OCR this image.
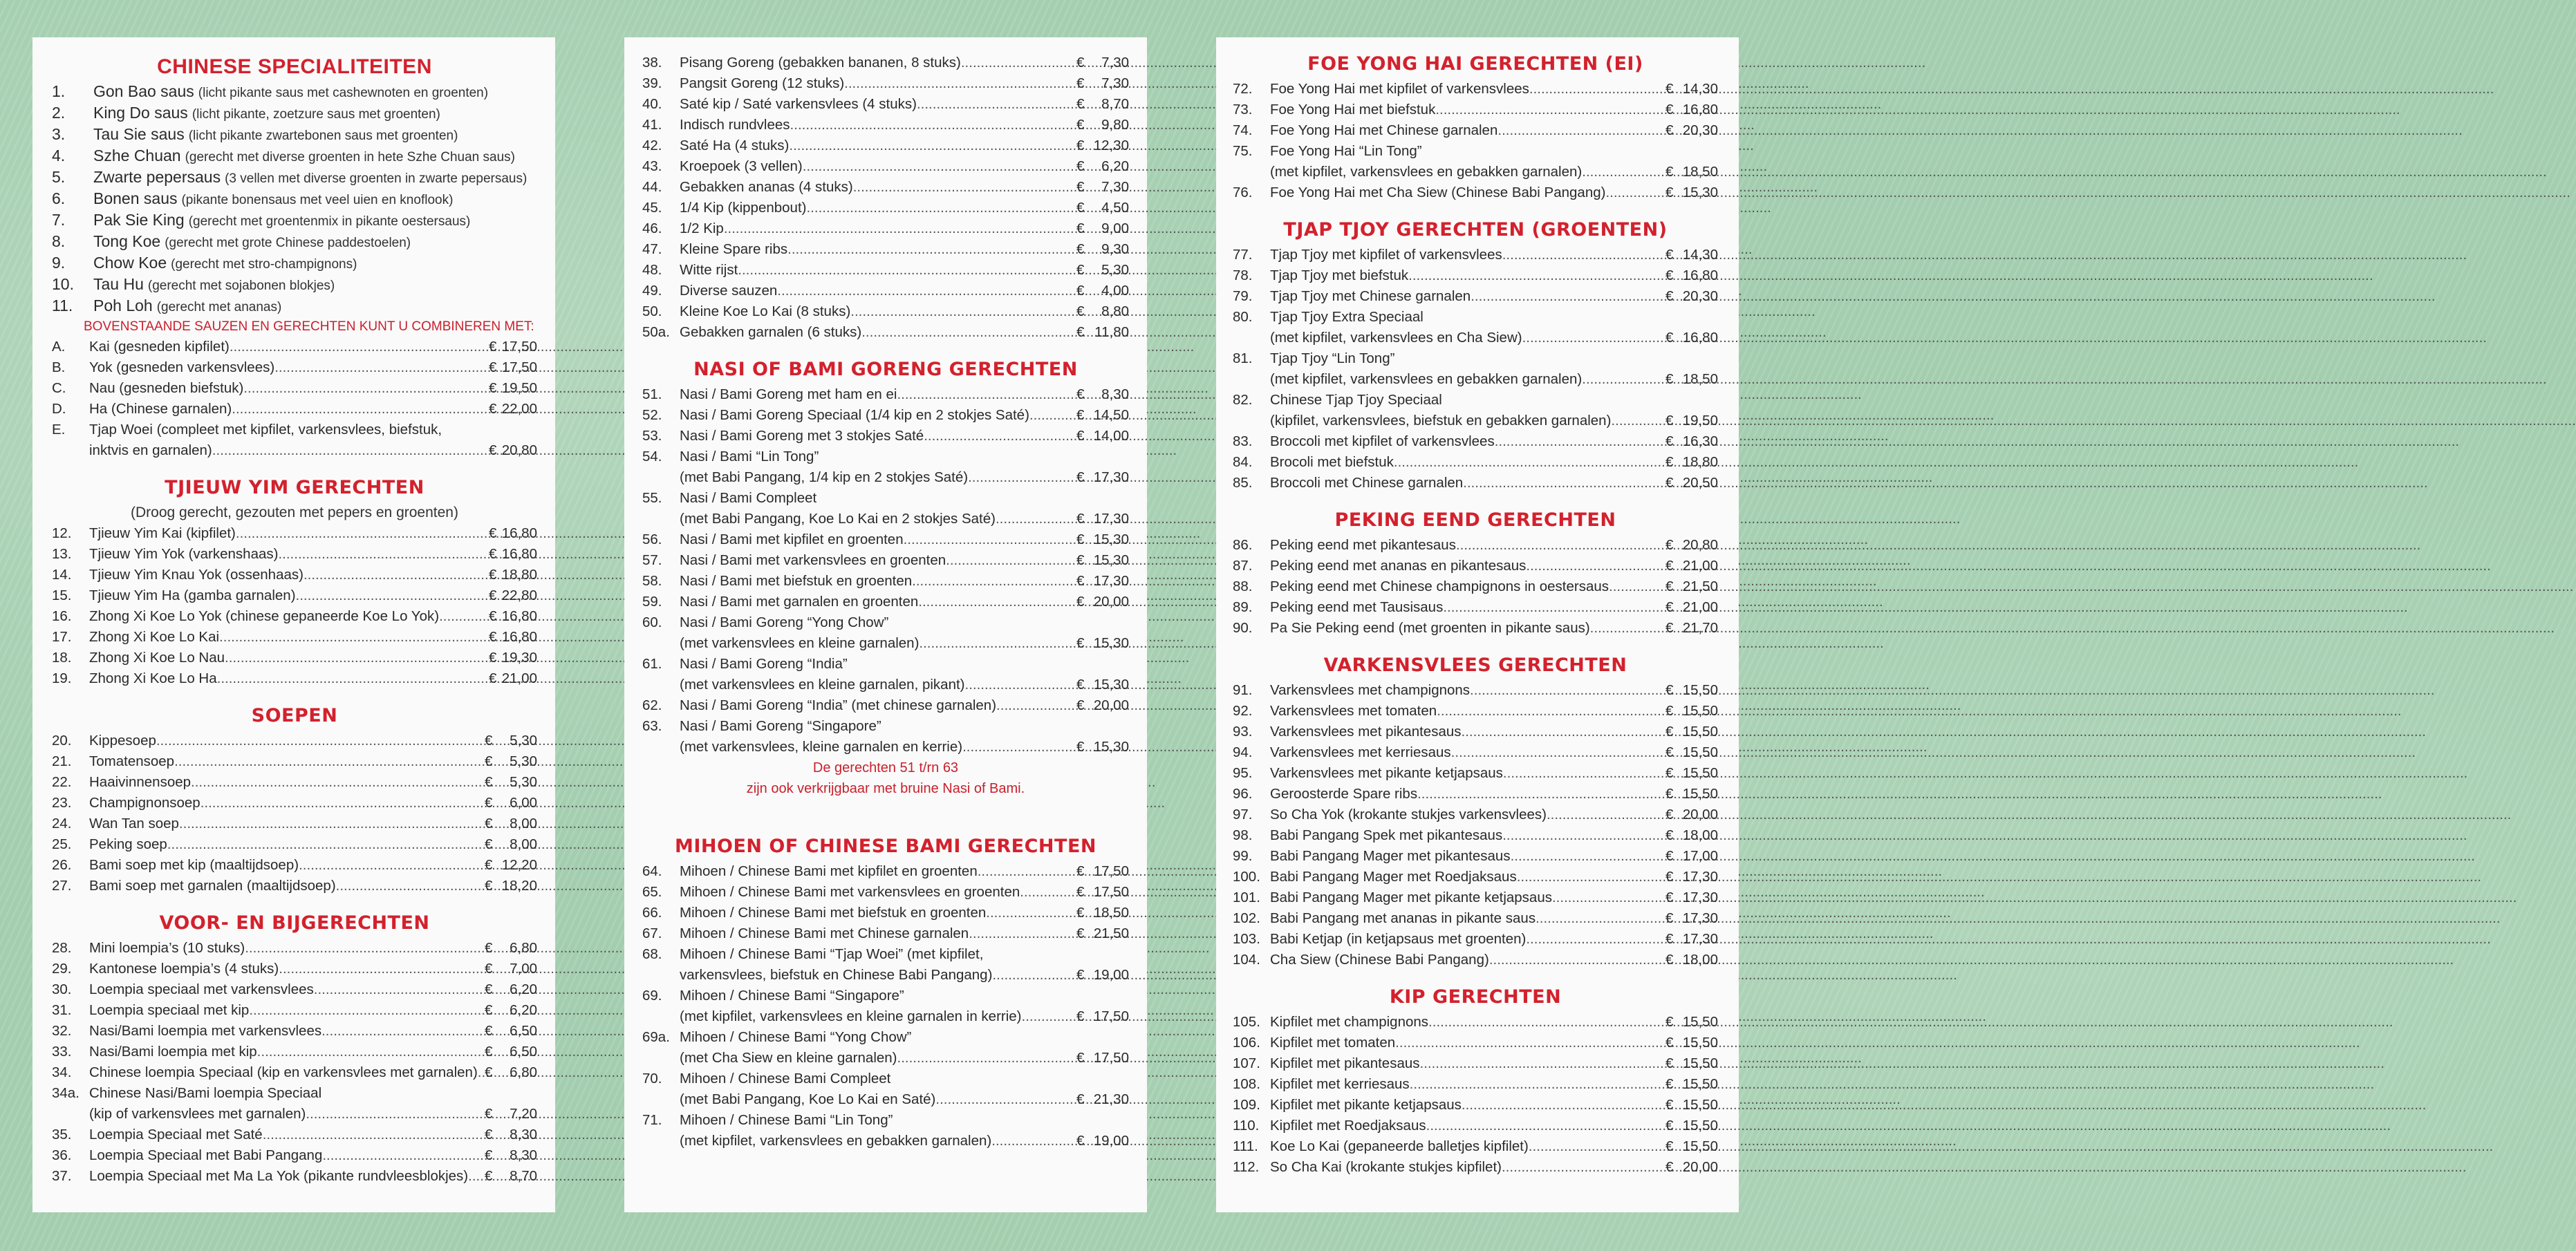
CHINESE SPECIALITEITEN
1.	Gon Bao saus (licht pikante saus met cashewnoten en groenten)
2.	King Do saus (licht pikante, zoetzure saus met groenten)
3.	Tau Sie saus (licht pikante zwartebonen saus met groenten)
4.	Szhe Chuan (gerecht met diverse groenten in hete Szhe Chuan saus)
5.	Zwarte pepersaus (3 vellen met diverse groenten in zwarte pepersaus)
6.	Bonen saus (pikante bonensaus met veel uien en knoflook)
7.	Pak Sie King (gerecht met groentenmix in pikante oestersaus)
8.	Tong Koe (gerecht met grote Chinese paddestoelen)
9.	Chow Koe (gerecht met stro-champignons)
10.	Tau Hu (gerecht met sojabonen blokjes)
11.	Poh Loh (gerecht met ananas)
BOVENSTAANDE SAUZEN EN GERECHTEN KUNT U COMBINEREN MET:
A.	Kai (gesneden kipfilet) .....	€ 17,50
B.	Yok (gesneden varkensvlees) .....	€ 17,50
C.	Nau (gesneden biefstuk) .....	€ 19,50
D.	Ha (Chinese garnalen) .....	€ 22,00
E.	Tjap Woei (compleet met kipfilet, varkensvlees, biefstuk,
inktvis en garnalen) .....	€ 20,80
TJIEUW YIM GERECHTEN
(Droog gerecht, gezouten met pepers en groenten)
12.	Tjieuw Yim Kai (kipfilet) .....	€ 16,80
13.	Tjieuw Yim Yok (varkenshaas) .....	€ 16,80
14.	Tjieuw Yim Knau Yok (ossenhaas) .....	€ 18,80
15.	Tjieuw Yim Ha (gamba garnalen) .....	€ 22,80
16.	Zhong Xi Koe Lo Yok (chinese gepaneerde Koe Lo Yok) .....	€ 16,80
17.	Zhong Xi Koe Lo Kai .....	€ 16,80
18.	Zhong Xi Koe Lo Nau .....	€ 19,30
19.	Zhong Xi Koe Lo Ha .....	€ 21,00
SOEPEN
20.	Kippesoep .....	€ 5,30
21.	Tomatensoep .....	€ 5,30
22.	Haaivinnensoep .....	€ 5,30
23.	Champignonsoep .....	€ 6,00
24.	Wan Tan soep .....	€ 8,00
25.	Peking soep .....	€ 8,00
26.	Bami soep met kip (maaltijdsoep) .....	€ 12,20
27.	Bami soep met garnalen (maaltijdsoep) .....	€ 18,20
VOOR- EN BIJGERECHTEN
28.	Mini loempia’s (10 stuks) .....	€ 6,80
29.	Kantonese loempia’s (4 stuks) .....	€ 7,00
30.	Loempia speciaal met varkensvlees .....	€ 6,20
31.	Loempia speciaal met kip .....	€ 6,20
32.	Nasi/Bami loempia met varkensvlees .....	€ 6,50
33.	Nasi/Bami loempia met kip .....	€ 6,50
34.	Chinese loempia Speciaal (kip en varkensvlees met garnalen) ..... € 6,80
34a. Chinese Nasi/Bami loempia Speciaal
(kip of varkensvlees met garnalen) .....	€ 7,20
35.	Loempia Speciaal met Saté .....	€ 8,30
36.	Loempia Speciaal met Babi Pangang .....	€ 8,30
37.	Loempia Speciaal met Ma La Yok (pikante rundvleesblokjes) ..... € 8,70
38.	Pisang Goreng (gebakken bananen, 8 stuks) .....	€ 7,30
39.	Pangsit Goreng (12 stuks) .....	€ 7,30
40.	Saté kip / Saté varkensvlees (4 stuks) .....	€ 8,70
41.	Indisch rundvlees .....	€ 9,80
42.	Saté Ha (4 stuks) .....	€ 12,30
43.	Kroepoek (3 vellen) .....	€ 6,20
44.	Gebakken ananas (4 stuks) .....	€ 7,30
45.	1/4 Kip (kippenbout) .....	€ 4,50
46.	1/2 Kip .....	€ 9,00
47.	Kleine Spare ribs .....	€ 9,30
48.	Witte rijst .....	€ 5,30
49.	Diverse sauzen .....	€ 4,00
50.	Kleine Koe Lo Kai (8 stuks) .....	€ 8,80
50a. Gebakken garnalen (6 stuks) .....	€ 11,80
NASI OF BAMI GORENG GERECHTEN
51.	Nasi / Bami Goreng met ham en ei .....	€ 8,30
52.	Nasi / Bami Goreng Speciaal (1/4 kip en 2 stokjes Saté) .....	€ 14,50
53.	Nasi / Bami Goreng met 3 stokjes Saté .....	€ 14,00
54.	Nasi / Bami “Lin Tong”
(met Babi Pangang, 1/4 kip en 2 stokjes Saté) .....	€ 17,30
55.	Nasi / Bami Compleet
(met Babi Pangang, Koe Lo Kai en 2 stokjes Saté) .....	€ 17,30
56.	Nasi / Bami met kipfilet en groenten .....	€ 15,30
57.	Nasi / Bami met varkensvlees en groenten .....	€ 15,30
58.	Nasi / Bami met biefstuk en groenten .....	€ 17,30
59.	Nasi / Bami met garnalen en groenten .....	€ 20,00
60.	Nasi / Bami Goreng “Yong Chow”
(met varkensvlees en kleine garnalen) .....	€ 15,30
61.	Nasi / Bami Goreng “India”
(met varkensvlees en kleine garnalen, pikant) .....	€ 15,30
62.	Nasi / Bami Goreng “India” (met chinese garnalen) .....	€ 20,00
63.	Nasi / Bami Goreng “Singapore”
(met varkensvlees, kleine garnalen en kerrie) .....	€ 15,30
De gerechten 51 t/rn 63
zijn ook verkrijgbaar met bruine Nasi of Bami.
MIHOEN OF CHINESE BAMI GERECHTEN
64.	Mihoen / Chinese Bami met kipfilet en groenten .....	€ 17,50
65.	Mihoen / Chinese Bami met varkensvlees en groenten .....	€ 17,50
66.	Mihoen / Chinese Bami met biefstuk en groenten .....	€ 18,50
67.	Mihoen / Chinese Bami met Chinese garnalen .....	€ 21,50
68.	Mihoen / Chinese Bami “Tjap Woei” (met kipfilet,
varkensvlees, biefstuk en Chinese Babi Pangang) .....	€ 19,00
69.	Mihoen / Chinese Bami “Singapore”
(met kipfilet, varkensvlees en kleine garnalen in kerrie) .....	€ 17,50
69a. Mihoen / Chinese Bami “Yong Chow”
(met Cha Siew en kleine garnalen) .....	€ 17,50
70.	Mihoen / Chinese Bami Compleet
(met Babi Pangang, Koe Lo Kai en Saté) .....	€ 21,30
71.	Mihoen / Chinese Bami “Lin Tong”
(met kipfilet, varkensvlees en gebakken garnalen) .....	€ 19,00
FOE YONG HAI GERECHTEN (EI)
72.	Foe Yong Hai met kipfilet of varkensvlees .....	€ 14,30
73.	Foe Yong Hai met biefstuk .....	€ 16,80
74.	Foe Yong Hai met Chinese garnalen .....	€ 20,30
75.	Foe Yong Hai “Lin Tong”
(met kipfilet, varkensvlees en gebakken garnalen) .....	€ 18,50
76.	Foe Yong Hai met Cha Siew (Chinese Babi Pangang) .....	€ 15,30
TJAP TJOY GERECHTEN (GROENTEN)
77.	Tjap Tjoy met kipfilet of varkensvlees .....	€ 14,30
78.	Tjap Tjoy met biefstuk .....	€ 16,80
79.	Tjap Tjoy met Chinese garnalen .....	€ 20,30
80.	Tjap Tjoy Extra Speciaal
(met kipfilet, varkensvlees en Cha Siew) .....	€ 16,80
81.	Tjap Tjoy “Lin Tong”
(met kipfilet, varkensvlees en gebakken garnalen) .....	€ 18,50
82.	Chinese Tjap Tjoy Speciaal
(kipfilet, varkensvlees, biefstuk en gebakken garnalen) .....	€ 19,50
83.	Broccoli met kipfilet of varkensvlees .....	€ 16,30
84.	Brocoli met biefstuk .....	€ 18,80
85.	Broccoli met Chinese garnalen .....	€ 20,50
PEKING EEND GERECHTEN
86.	Peking eend met pikantesaus .....	€ 20,80
87.	Peking eend met ananas en pikantesaus .....	€ 21,00
88.	Peking eend met Chinese champignons in oestersaus .....	€ 21,50
89.	Peking eend met Tausisaus .....	€ 21,00
90.	Pa Sie Peking eend (met groenten in pikante saus) .....	€ 21,70
VARKENSVLEES GERECHTEN
91.	Varkensvlees met champignons .....	€ 15,50
92.	Varkensvlees met tomaten .....	€ 15,50
93.	Varkensvlees met pikantesaus .....	€ 15,50
94.	Varkensvlees met kerriesaus .....	€ 15,50
95.	Varkensvlees met pikante ketjapsaus .....	€ 15,50
96.	Geroosterde Spare ribs .....	€ 15,50
97.	So Cha Yok (krokante stukjes varkensvlees) .....	€ 20,00
98.	Babi Pangang Spek met pikantesaus .....	€ 18,00
99.	Babi Pangang Mager met pikantesaus .....	€ 17,00
100. Babi Pangang Mager met Roedjaksaus .....	€ 17,30
101. Babi Pangang Mager met pikante ketjapsaus .....	€ 17,30
102. Babi Pangang met ananas in pikante saus .....	€ 17,30
103. Babi Ketjap (in ketjapsaus met groenten) .....	€ 17,30
104. Cha Siew (Chinese Babi Pangang) .....	€ 18,00
KIP GERECHTEN
105. Kipfilet met champignons .....	€ 15,50
106. Kipfilet met tomaten .....	€ 15,50
107. Kipfilet met pikantesaus .....	€ 15,50
108. Kipfilet met kerriesaus .....	€ 15,50
109. Kipfilet met pikante ketjapsaus .....	€ 15,50
110. Kipfilet met Roedjaksaus .....	€ 15,50
111. Koe Lo Kai (gepaneerde balletjes kipfilet) .....	€ 15,50
112. So Cha Kai (krokante stukjes kipfilet) .....	€ 20,00
